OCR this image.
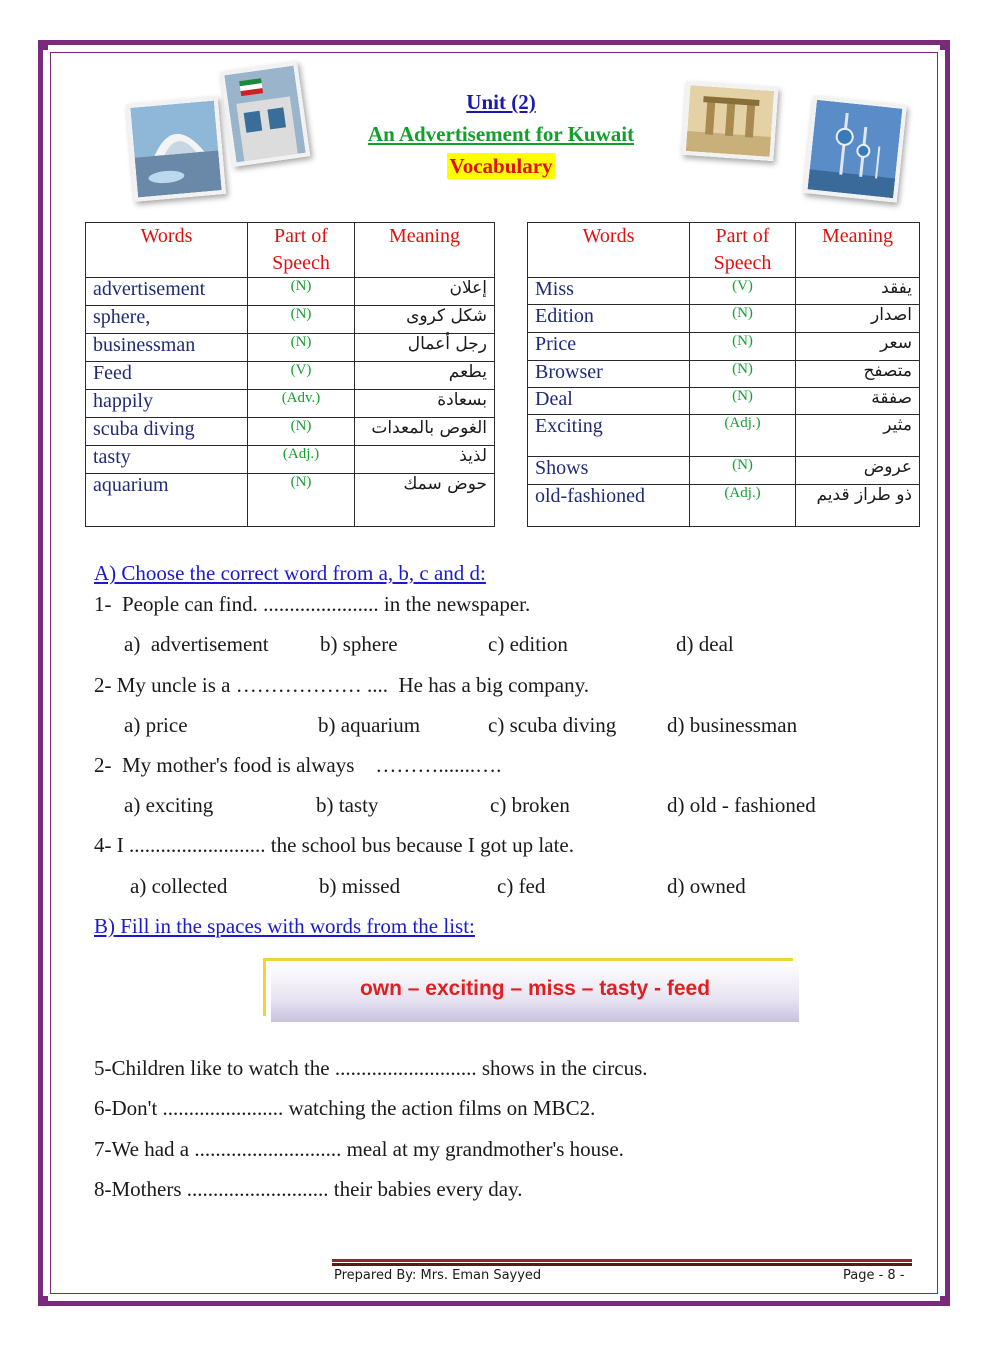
Unit (2)
An Advertisement for Kuwait
Vocabulary
Words	Part of Speech	Meaning
advertisement	(N)	إعلان
sphere,	(N)	شكل كروى
businessman	(N)	رجل أعمال
Feed	(V)	يطعم
happily	(Adv.)	بسعادة
scuba diving	(N)	الغوص بالمعدات
tasty	(Adj.)	لذيذ
aquarium	(N)	حوض سمك
Words	Part of Speech	Meaning
Miss	(V)	يفقد
Edition	(N)	اصدار
Price	(N)	سعر
Browser	(N)	متصفح
Deal	(N)	صفقة
Exciting	(Adj.)	مثير
Shows	(N)	عروض
old-fashioned	(Adj.)	ذو طراز قديم
A) Choose the correct word from a, b, c and d:
1-  People can find. ...................... in the newspaper.
a)  advertisement b) sphere	c) edition	d) deal
2- My uncle is a ……………… ....  He has a big company.
a) price	b) aquarium	c) scuba diving d) businessman
2-  My mother's food is always    ……….......….
a) exciting	b) tasty	c) broken	d) old - fashioned
4- I .......................... the school bus because I got up late.
a) collected	b) missed	c) fed	d) owned
B) Fill in the spaces with words from the list:
own – exciting – miss – tasty - feed
5-Children like to watch the ........................... shows in the circus.
6-Don't ....................... watching the action films on MBC2.
7-We had a ............................ meal at my grandmother's house.
8-Mothers ........................... their babies every day.
Prepared By: Mrs. Eman Sayyed	Page - 8 -
